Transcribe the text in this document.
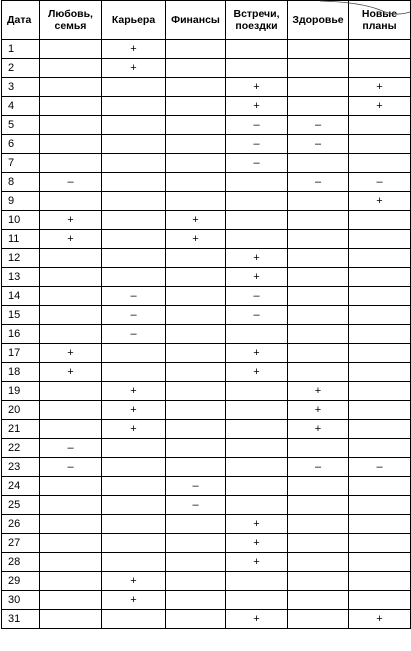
Дата	Любовь, семья	Карьера	Финансы	Встречи, поездки	Здоровье	Новые планы

1		+				
2		+				
3				+		+
4				+		+
5				–	–	
6				–	–	
7				–		
8	–				–	–
9						+
10	+		+			
11	+		+			
12				+		
13				+		
14		–		–		
15		–		–		
16		–				
17	+			+		
18	+			+		
19		+			+	
20		+			+	
21		+			+	
22	–					
23	–				–	–
24			–			
25			–			
26				+		
27				+		
28				+		
29		+				
30		+				
31				+		+
